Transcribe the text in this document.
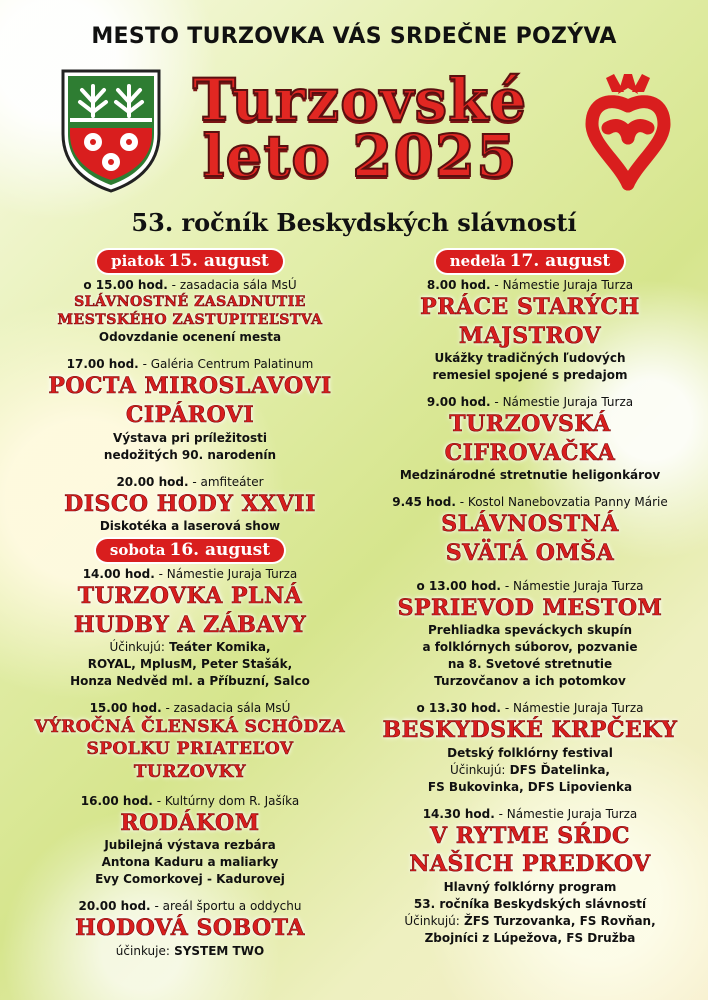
MESTO TURZOVKA VÁS SRDEČNE POZÝVA
Turzovské
leto 2025
53. ročník Beskydských slávností
piatok 15. august
o 15.00 hod. - zasadacia sála MsÚ
SLÁVNOSTNÉ ZASADNUTIE
MESTSKÉHO ZASTUPITEĽSTVA
Odovzdanie ocenení mesta
17.00 hod. - Galéria Centrum Palatinum
POCTA MIROSLAVOVI
CIPÁROVI
Výstava pri príležitosti
nedožitých 90. narodenín
20.00 hod. - amfiteáter
DISCO HODY XXVII
Diskotéka a laserová show
sobota 16. august
14.00 hod. - Námestie Juraja Turza
TURZOVKA PLNÁ
HUDBY A ZÁBAVY
Účinkujú: Teáter Komika,
ROYAL, MplusM, Peter Stašák,
Honza Nedvěd ml. a Příbuzní, Salco
15.00 hod. - zasadacia sála MsÚ
VÝROČNÁ ČLENSKÁ SCHÔDZA
SPOLKU PRIATEĽOV TURZOVKY
16.00 hod. - Kultúrny dom R. Jašíka
RODÁKOM
Jubilejná výstava rezbára
Antona Kaduru a maliarky
Evy Comorkovej - Kadurovej
20.00 hod. - areál športu a oddychu
HODOVÁ SOBOTA
účinkuje: SYSTEM TWO
nedeľa 17. august
8.00 hod. - Námestie Juraja Turza
PRÁCE STARÝCH
MAJSTROV
Ukážky tradičných ľudových
remesiel spojené s predajom
9.00 hod. - Námestie Juraja Turza
TURZOVSKÁ
CIFROVAČKA
Medzinárodné stretnutie heligonkárov
9.45 hod. - Kostol Nanebovzatia Panny Márie
SLÁVNOSTNÁ
SVÄTÁ OMŠA
o 13.00 hod. - Námestie Juraja Turza
SPRIEVOD MESTOM
Prehliadka speváckych skupín
a folklórnych súborov, pozvanie
na 8. Svetové stretnutie
Turzovčanov a ich potomkov
o 13.30 hod. - Námestie Juraja Turza
BESKYDSKÉ KRPČEKY
Detský folklórny festival
Účinkujú: DFS Ďatelinka,
FS Bukovinka, DFS Lipovienka
14.30 hod. - Námestie Juraja Turza
V RYTME SŔDC
NAŠICH PREDKOV
Hlavný folklórny program
53. ročníka Beskydských slávností
Účinkujú: ŽFS Turzovanka, FS Rovňan,
Zbojníci z Lúpežova, FS Družba
